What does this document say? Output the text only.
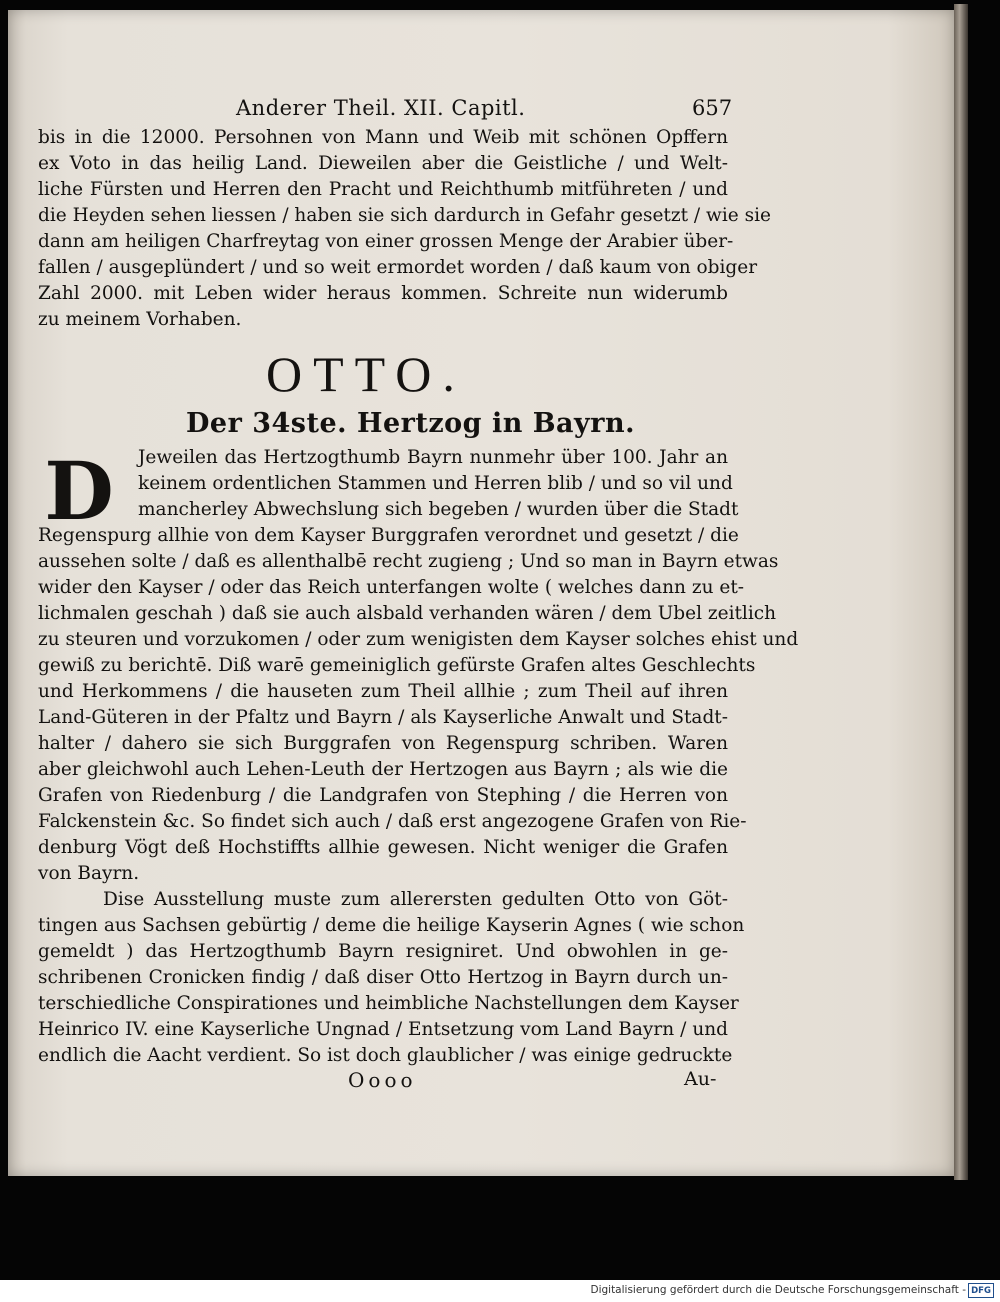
Anderer Theil. XII. Capitl.	657

bis in die 12000. Persohnen von Mann und Weib mit schönen Opffern

ex Voto in das heilig Land. Dieweilen aber die Geistliche / und Welt-

liche Fürsten und Herren den Pracht und Reichthumb mitführeten / und

die Heyden sehen liessen / haben sie sich dardurch in Gefahr gesetzt / wie sie

dann am heiligen Charfreytag von einer grossen Menge der Arabier über-

fallen / ausgeplündert / und so weit ermordet worden / daß kaum von obiger

Zahl 2000. mit Leben wider heraus kommen. Schreite nun widerumb

zu meinem Vorhaben.

OTTO.

Der 34ste. Hertzog in Bayrn.

D	Jeweilen das Hertzogthumb Bayrn nunmehr über 100. Jahr an

keinem ordentlichen Stammen und Herren blib / und so vil und

mancherley Abwechslung sich begeben / wurden über die Stadt

Regenspurg allhie von dem Kayser Burggrafen verordnet und gesetzt / die

aussehen solte / daß es allenthalbē recht zugieng ; Und so man in Bayrn etwas

wider den Kayser / oder das Reich unterfangen wolte ( welches dann zu et-

lichmalen geschah ) daß sie auch alsbald verhanden wären / dem Ubel zeitlich

zu steuren und vorzukomen / oder zum wenigisten dem Kayser solches ehist und

gewiß zu berichtē. Diß warē gemeiniglich gefürste Grafen altes Geschlechts

und Herkommens / die hauseten zum Theil allhie ; zum Theil auf ihren

Land-Güteren in der Pfaltz und Bayrn / als Kayserliche Anwalt und Stadt-

halter / dahero sie sich Burggrafen von Regenspurg schriben. Waren

aber gleichwohl auch Lehen-Leuth der Hertzogen aus Bayrn ; als wie die

Grafen von Riedenburg / die Landgrafen von Stephing / die Herren von

Falckenstein &c. So findet sich auch / daß erst angezogene Grafen von Rie-

denburg Vögt deß Hochstiffts allhie gewesen. Nicht weniger die Grafen

von Bayrn.

Dise Ausstellung muste zum allerersten gedulten Otto von Göt-

tingen aus Sachsen gebürtig / deme die heilige Kayserin Agnes ( wie schon

gemeldt ) das Hertzogthumb Bayrn resigniret. Und obwohlen in ge-

schribenen Cronicken findig / daß diser Otto Hertzog in Bayrn durch un-

terschiedliche Conspirationes und heimbliche Nachstellungen dem Kayser

Heinrico IV. eine Kayserliche Ungnad / Entsetzung vom Land Bayrn / und

endlich die Aacht verdient. So ist doch glaublicher / was einige gedruckte

Oooo	Au-

Digitalisierung gefördert durch die Deutsche Forschungsgemeinschaft - DFG
